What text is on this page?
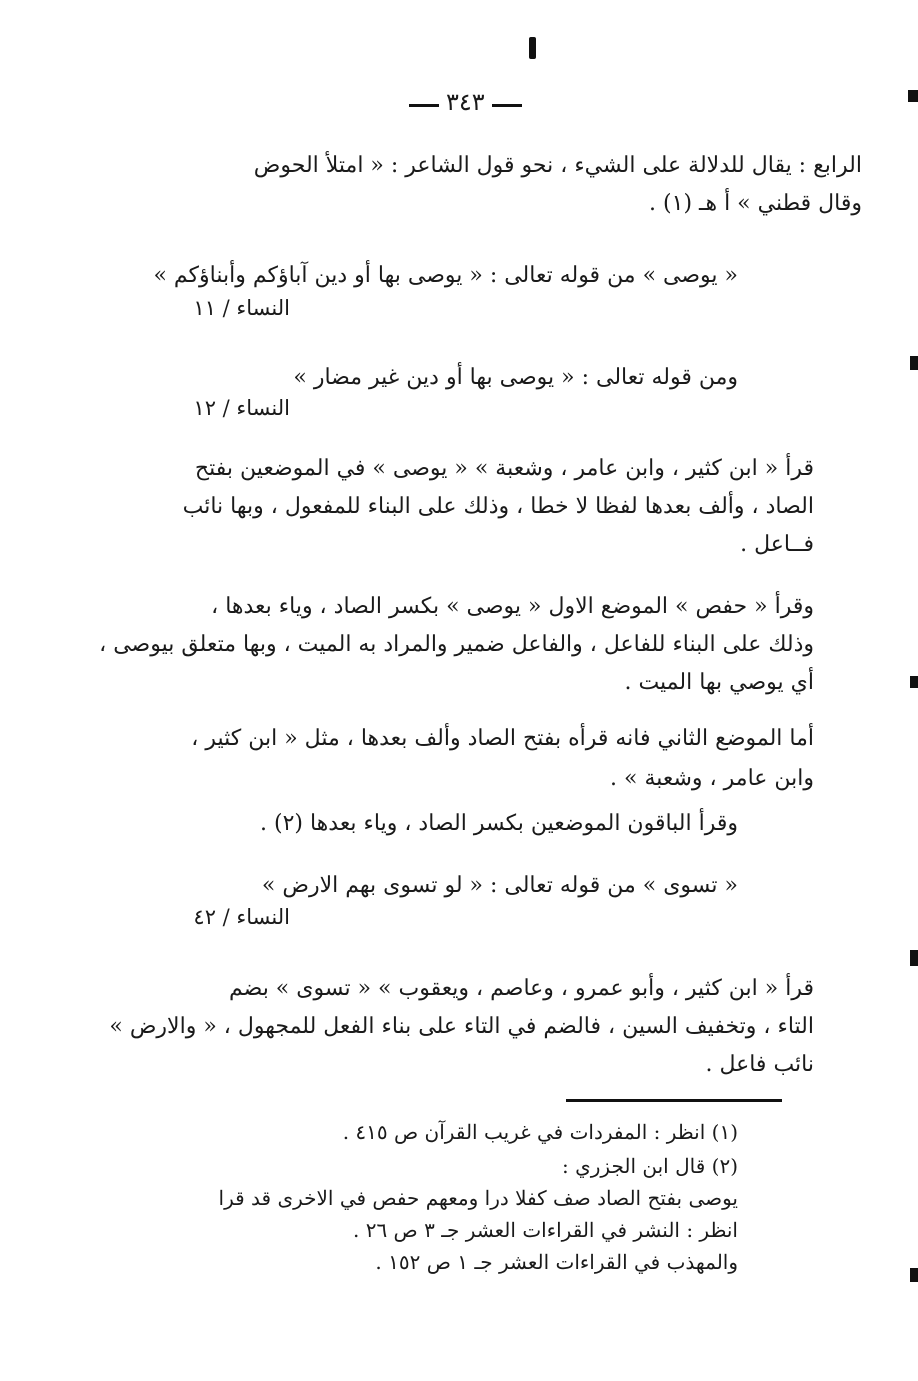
٣٤٣
الرابع : يقال للدلالة على الشيء ، نحو قول الشاعر : « امتلأ الحوض
وقال قطني » أ هـ (١) .
« يوصى » من قوله تعالى : « يوصى بها أو دين آباؤكم وأبناؤكم »
النساء / ١١
ومن قوله تعالى : « يوصى بها أو دين غير مضار »
النساء / ١٢
قرأ « ابن كثير ، وابن عامر ، وشعبة » « يوصى » في الموضعين بفتح
الصاد ، وألف بعدها لفظا لا خطا ، وذلك على البناء للمفعول ، وبها نائب
فــاعل .
وقرأ « حفص » الموضع الاول « يوصى » بكسر الصاد ، وياء بعدها ،
وذلك على البناء للفاعل ، والفاعل ضمير والمراد به الميت ، وبها متعلق بيوصى ،
أي يوصي بها الميت .
أما الموضع الثاني فانه قرأه بفتح الصاد وألف بعدها ، مثل « ابن كثير ،
وابن عامر ، وشعبة » .
وقرأ الباقون الموضعين بكسر الصاد ، وياء بعدها (٢) .
« تسوى » من قوله تعالى : « لو تسوى بهم الارض »
النساء / ٤٢
قرأ « ابن كثير ، وأبو عمرو ، وعاصم ، ويعقوب » « تسوى » بضم
التاء ، وتخفيف السين ، فالضم في التاء على بناء الفعل للمجهول ، « والارض »
نائب فاعل .
(١) انظر : المفردات في غريب القرآن ص ٤١٥ .
(٢) قال ابن الجزري :
يوصى بفتح الصاد صف كفلا درا ومعهم حفص في الاخرى قد قرا
انظر : النشر في القراءات العشر جـ ٣ ص ٢٦ .
والمهذب في القراءات العشر جـ ١ ص ١٥٢ .
